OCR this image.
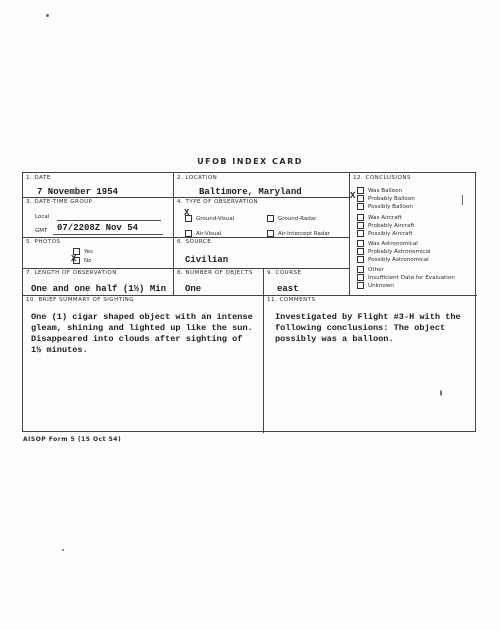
UFOB INDEX CARD
1. DATE
7 November 1954
2. LOCATION
Baltimore, Maryland
3. DATE-TIME GROUP
Local
GMT 07/2208Z Nov 54
4. TYPE OF OBSERVATION
Ground-Visual
X
Ground-Radar
Air-Visual	Air-Intercept Radar
5. PHOTOS
Yes
No
X
6. SOURCE
Civilian
7. LENGTH OF OBSERVATION
One and one half (1½) Min
8. NUMBER OF OBJECTS
One
9. COURSE
east
12. CONCLUSIONS
Was Balloon
Probably Balloon
Possibly Balloon
Was Aircraft
Probably Aircraft
Possibly Aircraft
Was Astronomical
Probably Astronomical
Possibly Astronomical
Other
Insufficient Data for Evaluation
Unknown
X
10. BRIEF SUMMARY OF SIGHTING
One (1) cigar shaped object with an intense
gleam, shining and lighted up like the sun.
Disappeared into clouds after sighting of
1½ minutes.
11. COMMENTS
Investigated by Flight #3-H with the
following conclusions: The object
possibly was a balloon.
AISOP Form 5 (15 Oct 54)
